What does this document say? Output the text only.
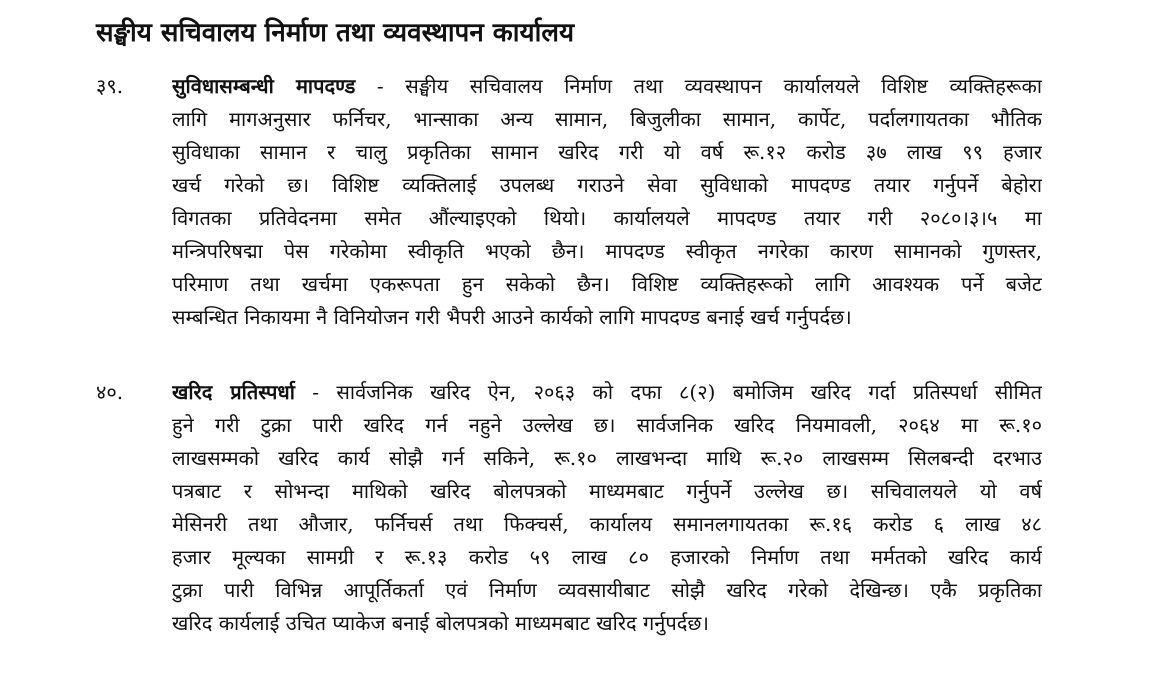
सङ्घीय सचिवालय निर्माण तथा व्यवस्थापन कार्यालय
३९. सुविधासम्बन्धी मापदण्ड - सङ्घीय सचिवालय निर्माण तथा व्यवस्थापन कार्यालयले विशिष्ट व्यक्तिहरूका
लागि मागअनुसार फर्निचर, भान्साका अन्य सामान, बिजुलीका सामान, कार्पेट, पर्दालगायतका भौतिक
सुविधाका सामान र चालु प्रकृतिका सामान खरिद गरी यो वर्ष रू.१२ करोड ३७ लाख ९९ हजार
खर्च गरेको छ। विशिष्ट व्यक्तिलाई उपलब्ध गराउने सेवा सुविधाको मापदण्ड तयार गर्नुपर्ने बेहोरा
विगतका प्रतिवेदनमा समेत औंल्याइएको थियो। कार्यालयले मापदण्ड तयार गरी २०८०।३।५ मा
मन्त्रिपरिषद्मा पेस गरेकोमा स्वीकृति भएको छैन। मापदण्ड स्वीकृत नगरेका कारण सामानको गुणस्तर,
परिमाण तथा खर्चमा एकरूपता हुन सकेको छैन। विशिष्ट व्यक्तिहरूको लागि आवश्यक पर्ने बजेट
सम्बन्धित निकायमा नै विनियोजन गरी भैपरी आउने कार्यको लागि मापदण्ड बनाई खर्च गर्नुपर्दछ।
४०. खरिद प्रतिस्पर्धा - सार्वजनिक खरिद ऐन, २०६३ को दफा ८(२) बमोजिम खरिद गर्दा प्रतिस्पर्धा सीमित
हुने गरी टुक्रा पारी खरिद गर्न नहुने उल्लेख छ। सार्वजनिक खरिद नियमावली, २०६४ मा रू.१०
लाखसम्मको खरिद कार्य सोझै गर्न सकिने, रू.१० लाखभन्दा माथि रू.२० लाखसम्म सिलबन्दी दरभाउ
पत्रबाट र सोभन्दा माथिको खरिद बोलपत्रको माध्यमबाट गर्नुपर्ने उल्लेख छ। सचिवालयले यो वर्ष
मेसिनरी तथा औजार, फर्निचर्स तथा फिक्चर्स, कार्यालय समानलगायतका रू.१६ करोड ६ लाख ४८
हजार मूल्यका सामग्री र रू.१३ करोड ५९ लाख ८० हजारको निर्माण तथा मर्मतको खरिद कार्य
टुक्रा पारी विभिन्न आपूर्तिकर्ता एवं निर्माण व्यवसायीबाट सोझै खरिद गरेको देखिन्छ। एकै प्रकृतिका
खरिद कार्यलाई उचित प्याकेज बनाई बोलपत्रको माध्यमबाट खरिद गर्नुपर्दछ।
